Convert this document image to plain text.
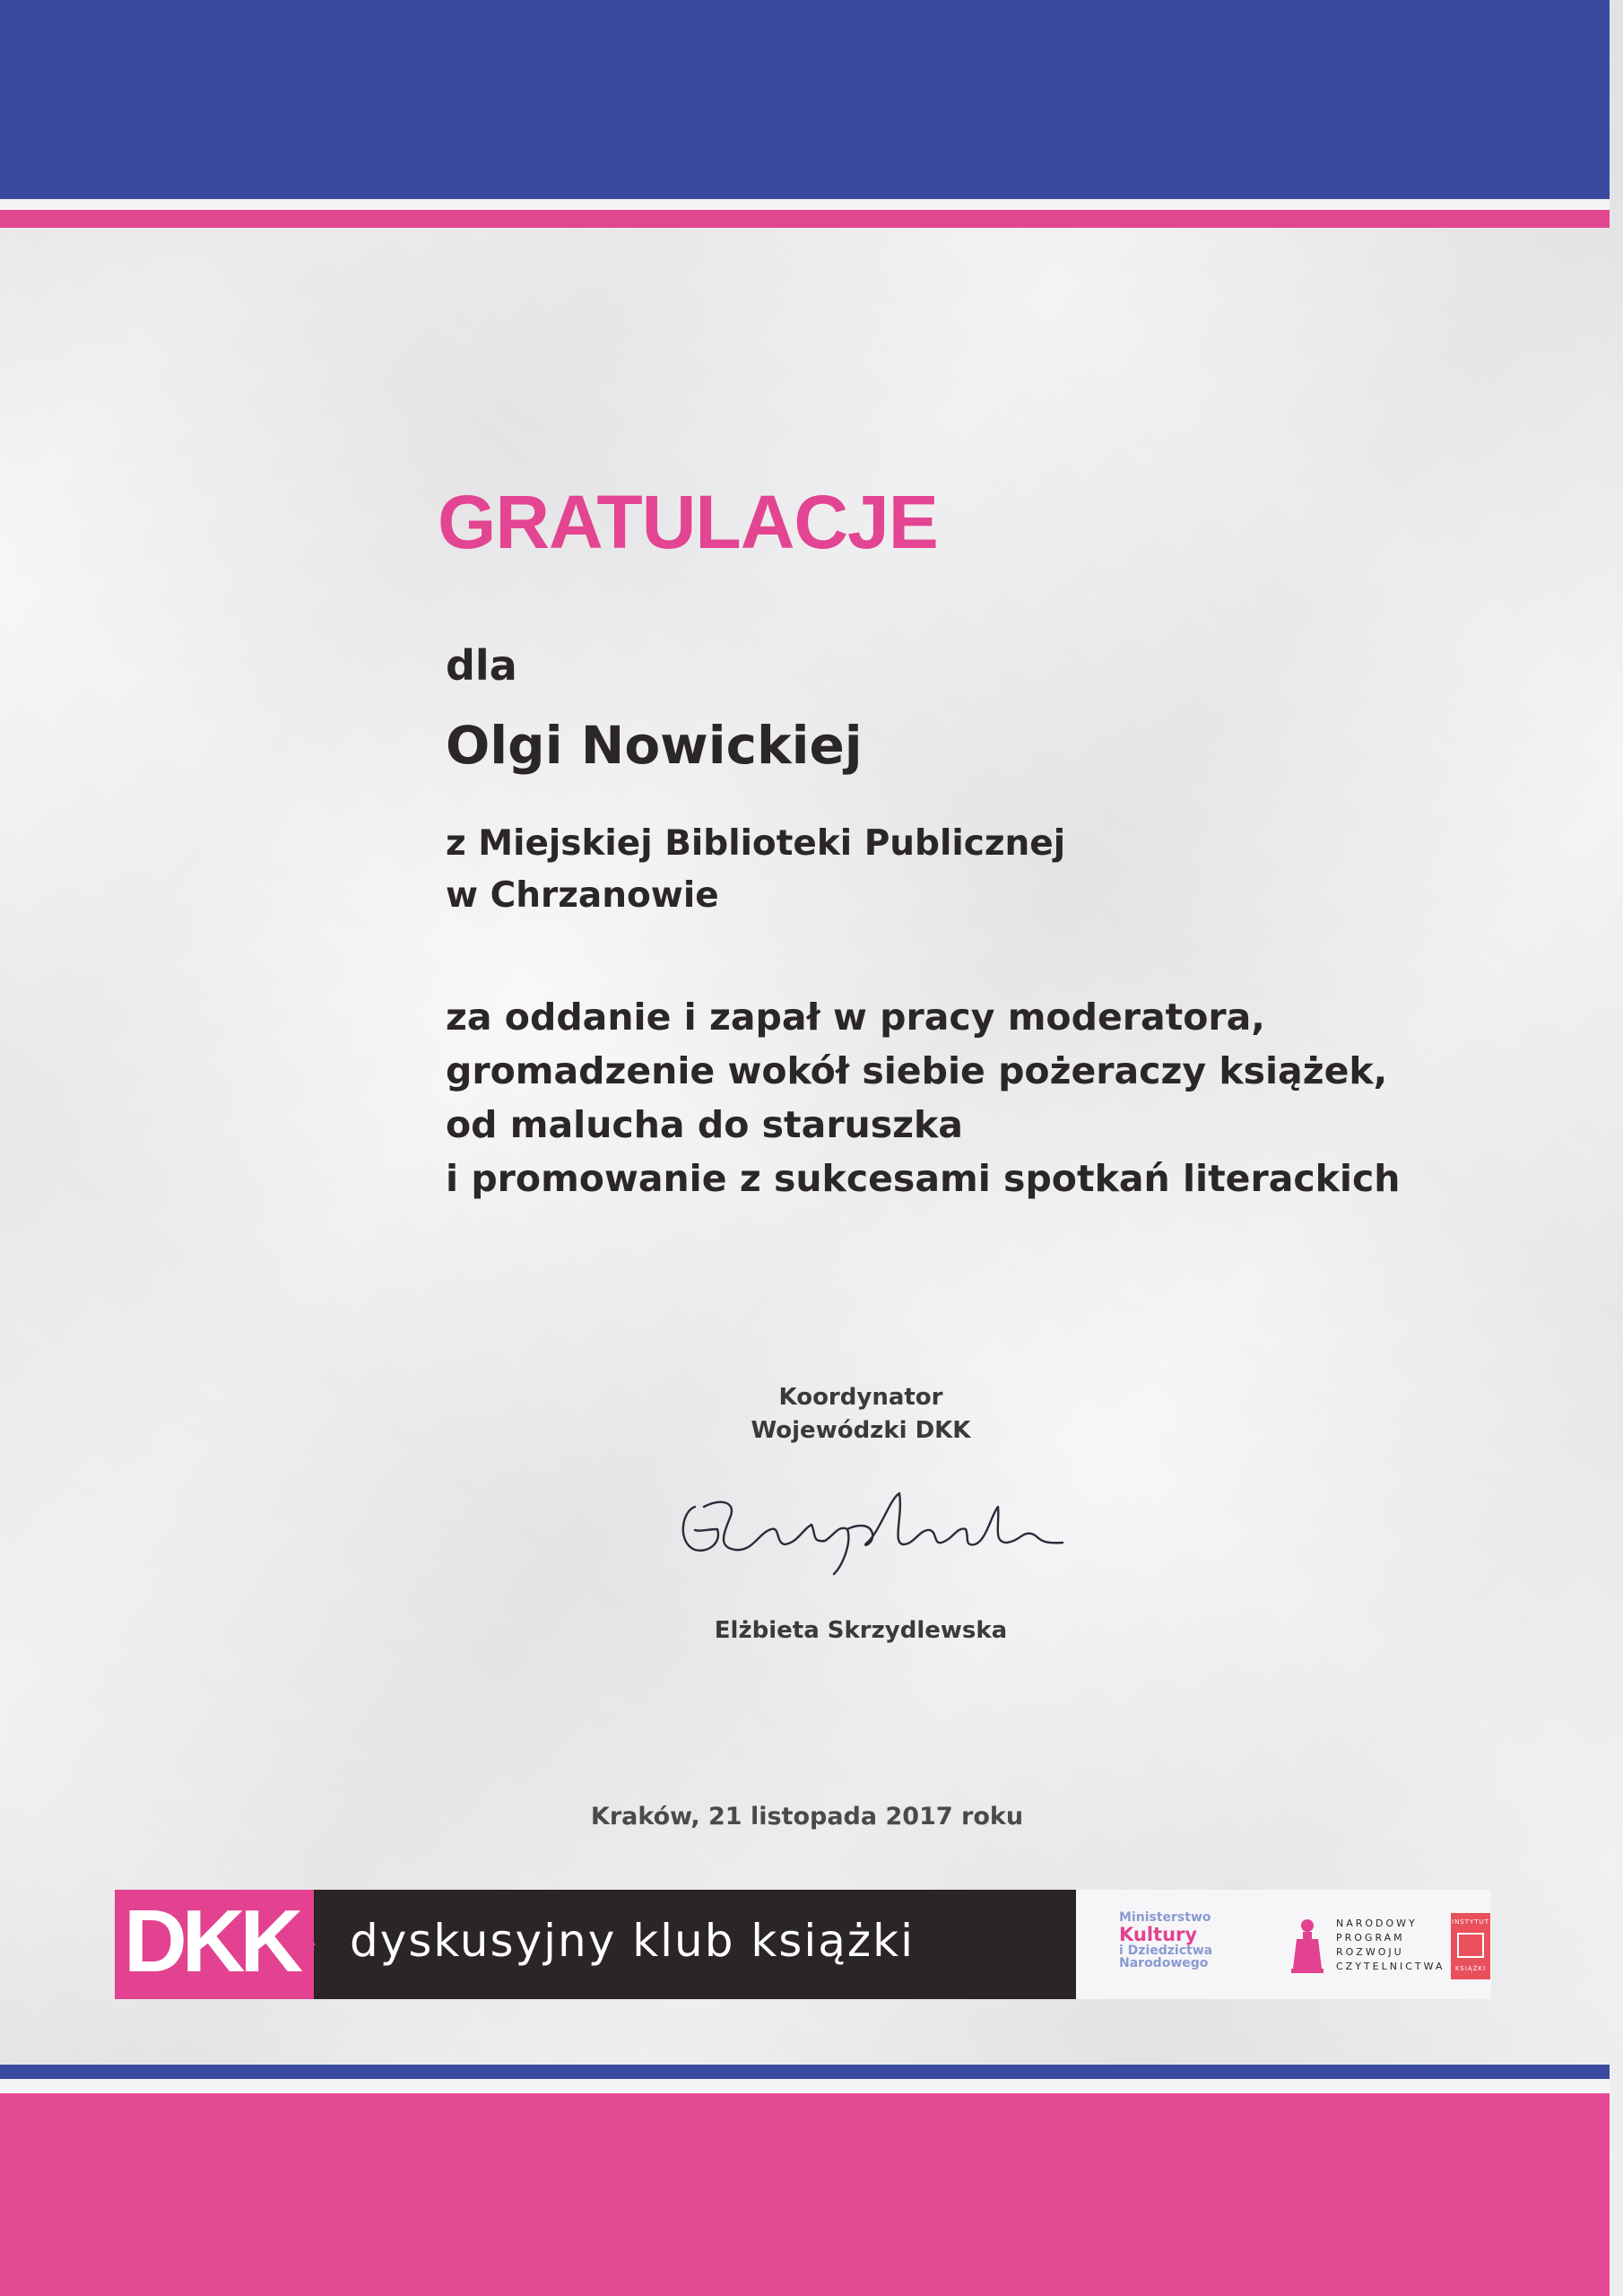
GRATULACJE

dla

Olgi Nowickiej

z Miejskiej Biblioteki Publicznej

w Chrzanowie

za oddanie i zapał w pracy moderatora,

gromadzenie wokół siebie pożeraczy książek,

od malucha do staruszka

i promowanie z sukcesami spotkań literackich

Koordynator

Wojewódzki DKK

Elżbieta Skrzydlewska

Kraków, 21 listopada 2017 roku

DKK dyskusyjny klub książki	Ministerstwo
Kultury
i Dziedzictwa
Narodowego
NARODOWY
PROGRAM
ROZWOJU
CZYTELNICTWA
INSTYTUT
KSIĄŻKI
